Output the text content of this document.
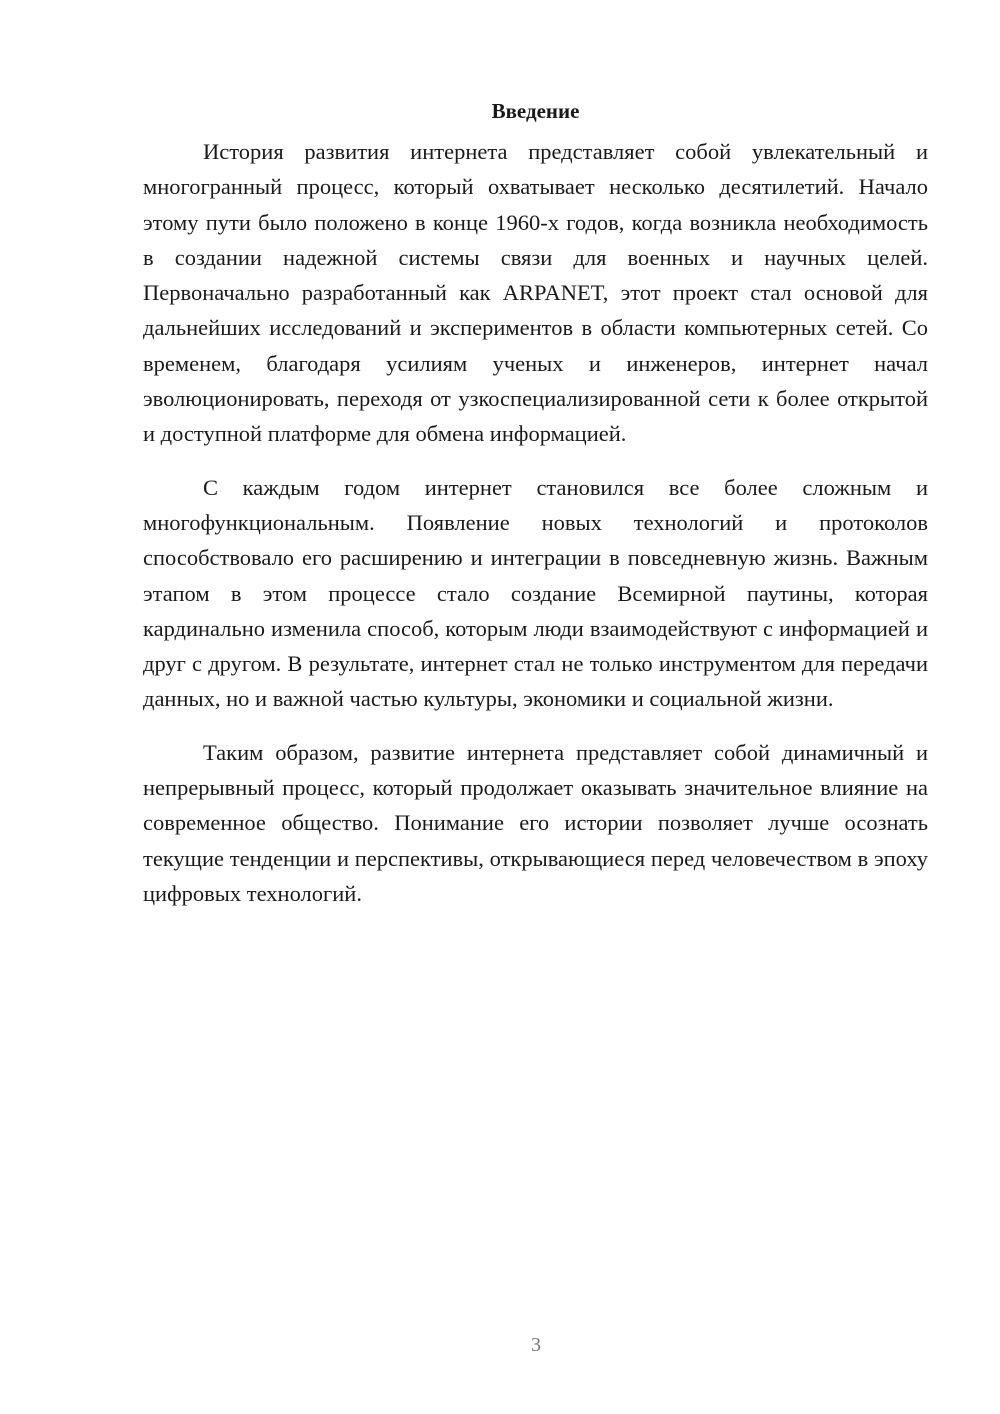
Введение

История развития интернета представляет собой увлекательный и многогранный процесс, который охватывает несколько десятилетий. Начало этому пути было положено в конце 1960-х годов, когда возникла необходимость в создании надежной системы связи для военных и научных целей. Первоначально разработанный как ARPANET, этот проект стал основой для дальнейших исследований и экспериментов в области компьютерных сетей. Со временем, благодаря усилиям ученых и инженеров, интернет начал эволюционировать, переходя от узкоспециализированной сети к более открытой и доступной платформе для обмена информацией.

С каждым годом интернет становился все более сложным и многофункциональным. Появление новых технологий и протоколов способствовало его расширению и интеграции в повседневную жизнь. Важным этапом в этом процессе стало создание Всемирной паутины, которая кардинально изменила способ, которым люди взаимодействуют с информацией и друг с другом. В результате, интернет стал не только инструментом для передачи данных, но и важной частью культуры, экономики и социальной жизни.

Таким образом, развитие интернета представляет собой динамичный и непрерывный процесс, который продолжает оказывать значительное влияние на современное общество. Понимание его истории позволяет лучше осознать текущие тенденции и перспективы, открывающиеся перед человечеством в эпоху цифровых технологий.

3
